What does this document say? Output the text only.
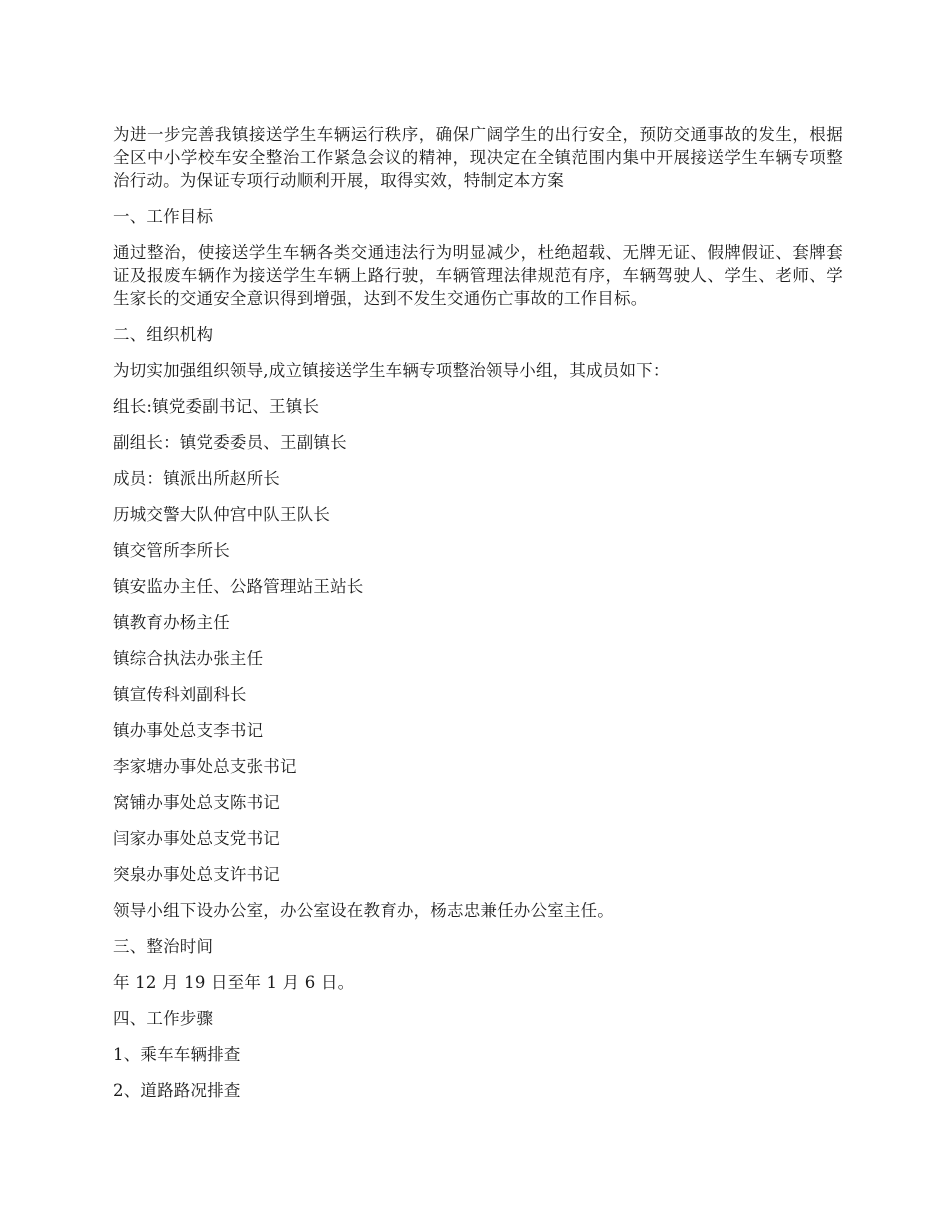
为进一步完善我镇接送学生车辆运行秩序，确保广阔学生的出行安全，预防交通事故的发生，根据全区中小学校车安全整治工作紧急会议的精神，现决定在全镇范围内集中开展接送学生车辆专项整治行动。为保证专项行动顺利开展，取得实效，特制定本方案

一、工作目标

通过整治，使接送学生车辆各类交通违法行为明显减少，杜绝超载、无牌无证、假牌假证、套牌套证及报废车辆作为接送学生车辆上路行驶，车辆管理法律规范有序，车辆驾驶人、学生、老师、学生家长的交通安全意识得到增强，达到不发生交通伤亡事故的工作目标。

二、组织机构

为切实加强组织领导,成立镇接送学生车辆专项整治领导小组，其成员如下：

组长:镇党委副书记、王镇长

副组长：镇党委委员、王副镇长

成员：镇派出所赵所长

历城交警大队仲宫中队王队长

镇交管所李所长

镇安监办主任、公路管理站王站长

镇教育办杨主任

镇综合执法办张主任

镇宣传科刘副科长

镇办事处总支李书记

李家塘办事处总支张书记

窝铺办事处总支陈书记

闫家办事处总支党书记

突泉办事处总支许书记

领导小组下设办公室，办公室设在教育办，杨志忠兼任办公室主任。

三、整治时间

年 12 月 19 日至年 1 月 6 日。

四、工作步骤

1、乘车车辆排查

2、道路路况排查
